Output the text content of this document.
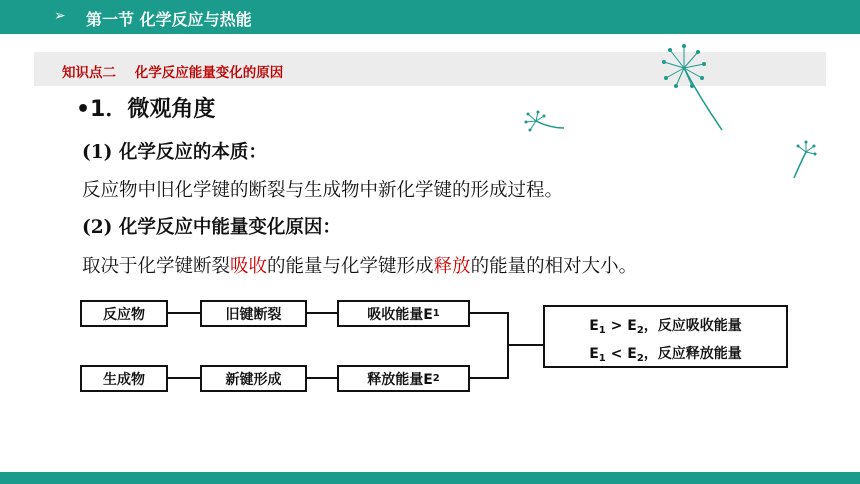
➢ 第一节 化学反应与热能
知识点二    化学反应能量变化的原因
•1．微观角度
(1) 化学反应的本质：
反应物中旧化学键的断裂与生成物中新化学键的形成过程。
(2) 化学反应中能量变化原因：
取决于化学键断裂吸收的能量与化学键形成释放的能量的相对大小。
反应物	旧键断裂	吸收能量E 1
生成物	新键形成	释放能量E 2
$E_1 > E_2$，反应吸收能量
$E_1 < E_2$，反应释放能量
